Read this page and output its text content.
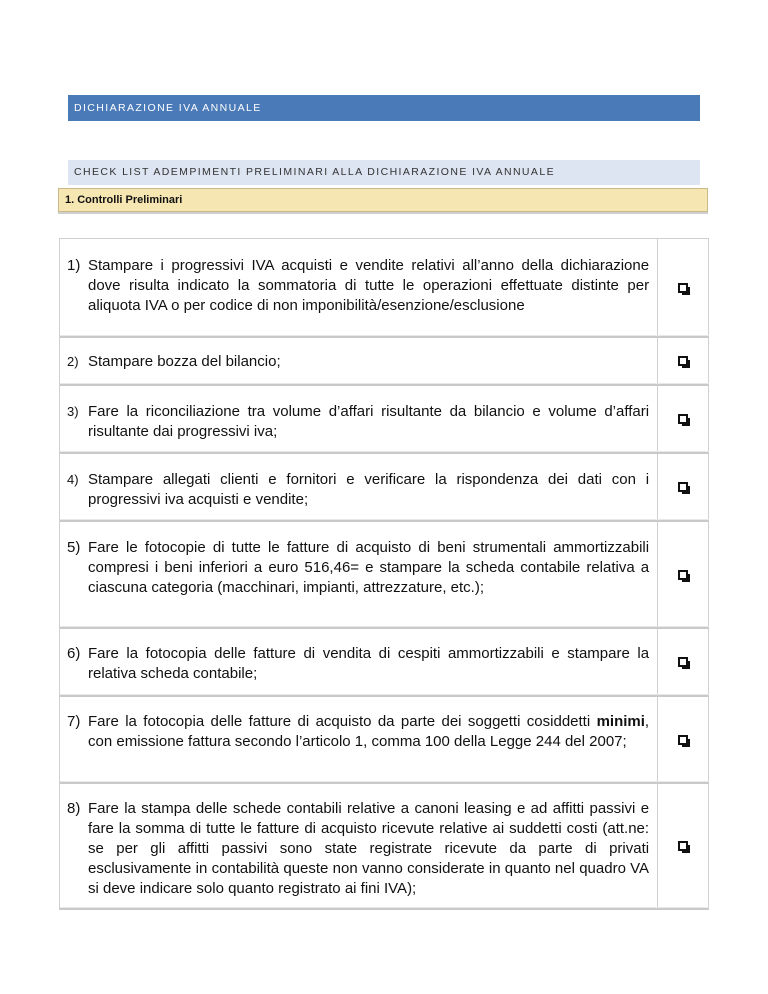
DICHIARAZIONE IVA ANNUALE
CHECK LIST ADEMPIMENTI PRELIMINARI ALLA DICHIARAZIONE IVA ANNUALE
1. Controlli Preliminari
1) Stampare i progressivi IVA acquisti e vendite relativi all’anno della dichiarazione dove risulta indicato la sommatoria di tutte le operazioni effettuate distinte per aliquota IVA o per codice di non imponibilità/esenzione/esclusione
2) Stampare bozza del bilancio;
3) Fare la riconciliazione tra volume d’affari risultante da bilancio e volume d’affari risultante dai progressivi iva;
4) Stampare allegati clienti e fornitori e verificare la rispondenza dei dati con i progressivi iva acquisti e vendite;
5) Fare le fotocopie di tutte le fatture di acquisto di beni strumentali ammortizzabili compresi i beni inferiori a euro 516,46= e stampare la scheda contabile relativa a ciascuna categoria (macchinari, impianti, attrezzature, etc.);
6) Fare la fotocopia delle fatture di vendita di cespiti ammortizzabili e stampare la relativa scheda contabile;
7) Fare la fotocopia delle fatture di acquisto da parte dei soggetti cosiddetti minimi, con emissione fattura secondo l’articolo 1, comma 100 della Legge 244 del 2007;
8) Fare la stampa delle schede contabili relative a canoni leasing e ad affitti passivi e fare la somma di tutte le fatture di acquisto ricevute relative ai suddetti costi (att.ne: se per gli affitti passivi sono state registrate ricevute da parte di privati esclusivamente in contabilità queste non vanno considerate in quanto nel quadro VA si deve indicare solo quanto registrato ai fini IVA);
